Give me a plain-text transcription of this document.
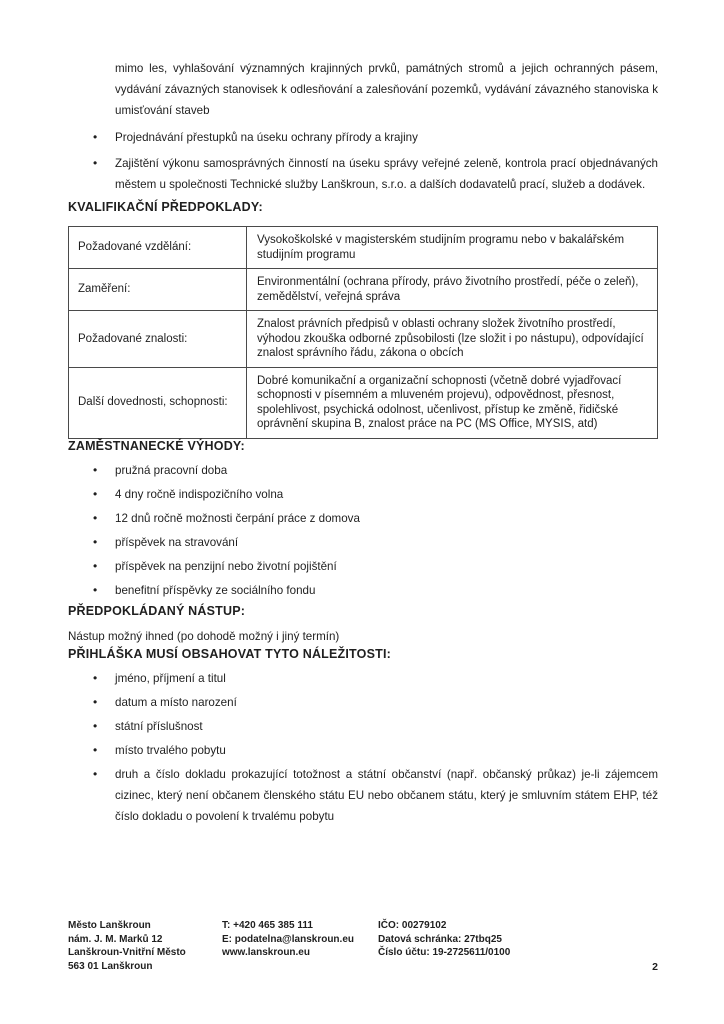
mimo les, vyhlašování významných krajinných prvků, památných stromů a jejich ochranných pásem, vydávání závazných stanovisek k odlesňování a zalesňování pozemků, vydávání závazného stanoviska k umisťování staveb

• Projednávání přestupků na úseku ochrany přírody a krajiny
• Zajištění výkonu samosprávných činností na úseku správy veřejné zeleně, kontrola prací objednávaných městem u společnosti Technické služby Lanškroun, s.r.o. a dalších dodavatelů prací, služeb a dodávek.
KVALIFIKAČNÍ PŘEDPOKLADY:
Požadované vzdělání:	Vysokoškolské v magisterském studijním programu nebo v bakalářském studijním programu
Zaměření:	Environmentální (ochrana přírody, právo životního prostředí, péče o zeleň), zemědělství, veřejná správa
Požadované znalosti:	Znalost právních předpisů v oblasti ochrany složek životního prostředí, výhodou zkouška odborné způsobilosti (lze složit i po nástupu), odpovídající znalost správního řádu, zákona o obcích
Další dovednosti, schopnosti:	Dobré komunikační a organizační schopnosti (včetně dobré vyjadřovací schopnosti v písemném a mluveném projevu), odpovědnost, přesnost, spolehlivost, psychická odolnost, učenlivost, přístup ke změně, řidičské oprávnění skupina B, znalost práce na PC (MS Office, MYSIS, atd)
ZAMĚSTNANECKÉ VÝHODY:
• pružná pracovní doba
• 4 dny ročně indispozičního volna
• 12 dnů ročně možnosti čerpání práce z domova
• příspěvek na stravování
• příspěvek na penzijní nebo životní pojištění
• benefitní příspěvky ze sociálního fondu
PŘEDPOKLÁDANÝ NÁSTUP:

Nástup možný ihned (po dohodě možný i jiný termín)

PŘIHLÁŠKA MUSÍ OBSAHOVAT TYTO NÁLEŽITOSTI:
• jméno, příjmení a titul
• datum a místo narození
• státní příslušnost
• místo trvalého pobytu
• druh a číslo dokladu prokazující totožnost a státní občanství (např. občanský průkaz) je-li zájemcem cizinec, který není občanem členského státu EU nebo občanem státu, který je smluvním státem EHP, též číslo dokladu o povolení k trvalému pobytu
Město Lanškroun
nám. J. M. Marků 12
Lanškroun-Vnitřní Město
563 01 Lanškroun
T: +420 465 385 111
E: podatelna@lanskroun.eu
www.lanskroun.eu
IČO: 00279102
Datová schránka: 27tbq25
Číslo účtu: 19-2725611/0100
2
